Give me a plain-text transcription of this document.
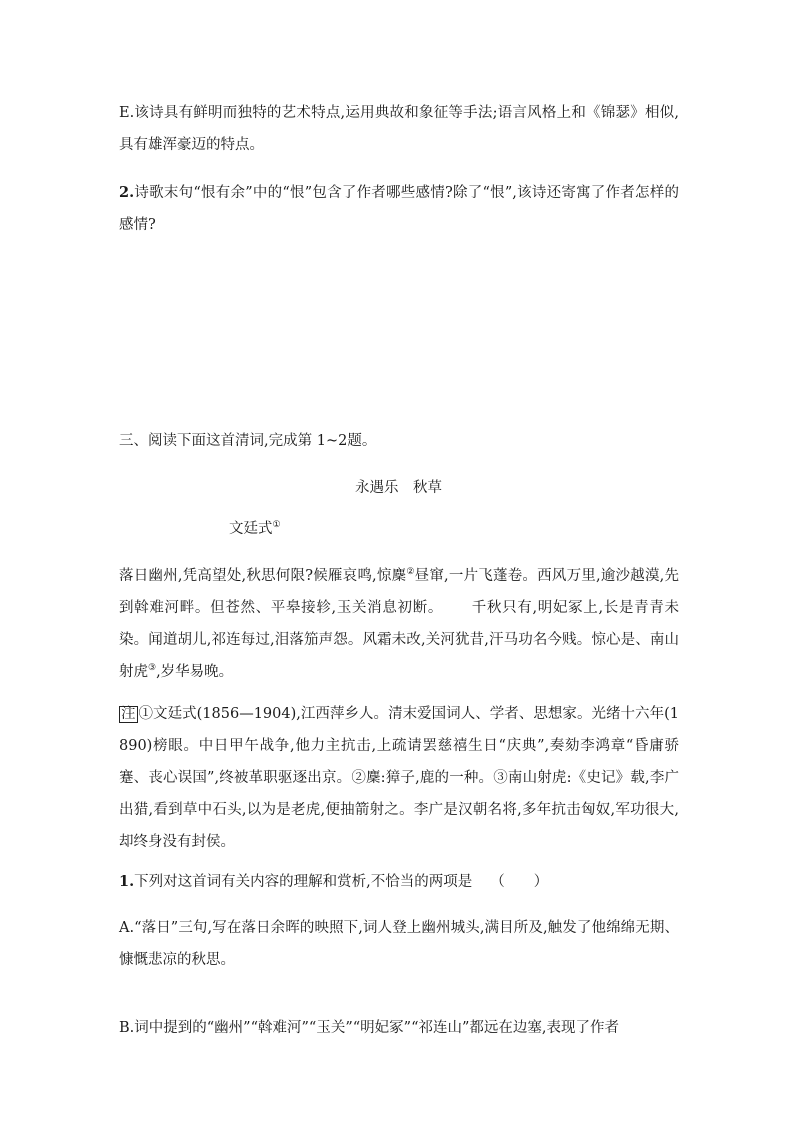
E.该诗具有鲜明而独特的艺术特点,运用典故和象征等手法;语言风格上和《锦瑟》相似,具有雄浑豪迈的特点。

2.诗歌末句“恨有余”中的“恨”包含了作者哪些感情?除了“恨”,该诗还寄寓了作者怎样的感情?

三、阅读下面这首清词,完成第 1~2题。

永遇乐　秋草
文廷式①

落日幽州,凭高望处,秋思何限?候雁哀鸣,惊麇②昼窜,一片飞蓬卷。西风万里,逾沙越漠,先到斡难河畔。但苍然、平皋接轸,玉关消息初断。 千秋只有,明妃冢上,长是青青未染。闻道胡儿,祁连每过,泪落笳声怨。风霜未改,关河犹昔,汗马功名今贱。惊心是、南山射虎③,岁华易晚。

注 ①文廷式(1856—1904),江西萍乡人。清末爱国词人、学者、思想家。光绪十六年(1890)榜眼。中日甲午战争,他力主抗击,上疏请罢慈禧生日“庆典”,奏劾李鸿章“昏庸骄蹇、丧心误国”,终被革职驱逐出京。②麇:獐子,鹿的一种。③南山射虎:《史记》载,李广出猎,看到草中石头,以为是老虎,便抽箭射之。李广是汉朝名将,多年抗击匈奴,军功很大,却终身没有封侯。

1.下列对这首词有关内容的理解和赏析,不恰当的两项是 （　　）

A.“落日”三句,写在落日余晖的映照下,词人登上幽州城头,满目所及,触发了他绵绵无期、慷慨悲凉的秋思。

B.词中提到的“幽州”“斡难河”“玉关”“明妃冢”“祁连山”都远在边塞,表现了作者
